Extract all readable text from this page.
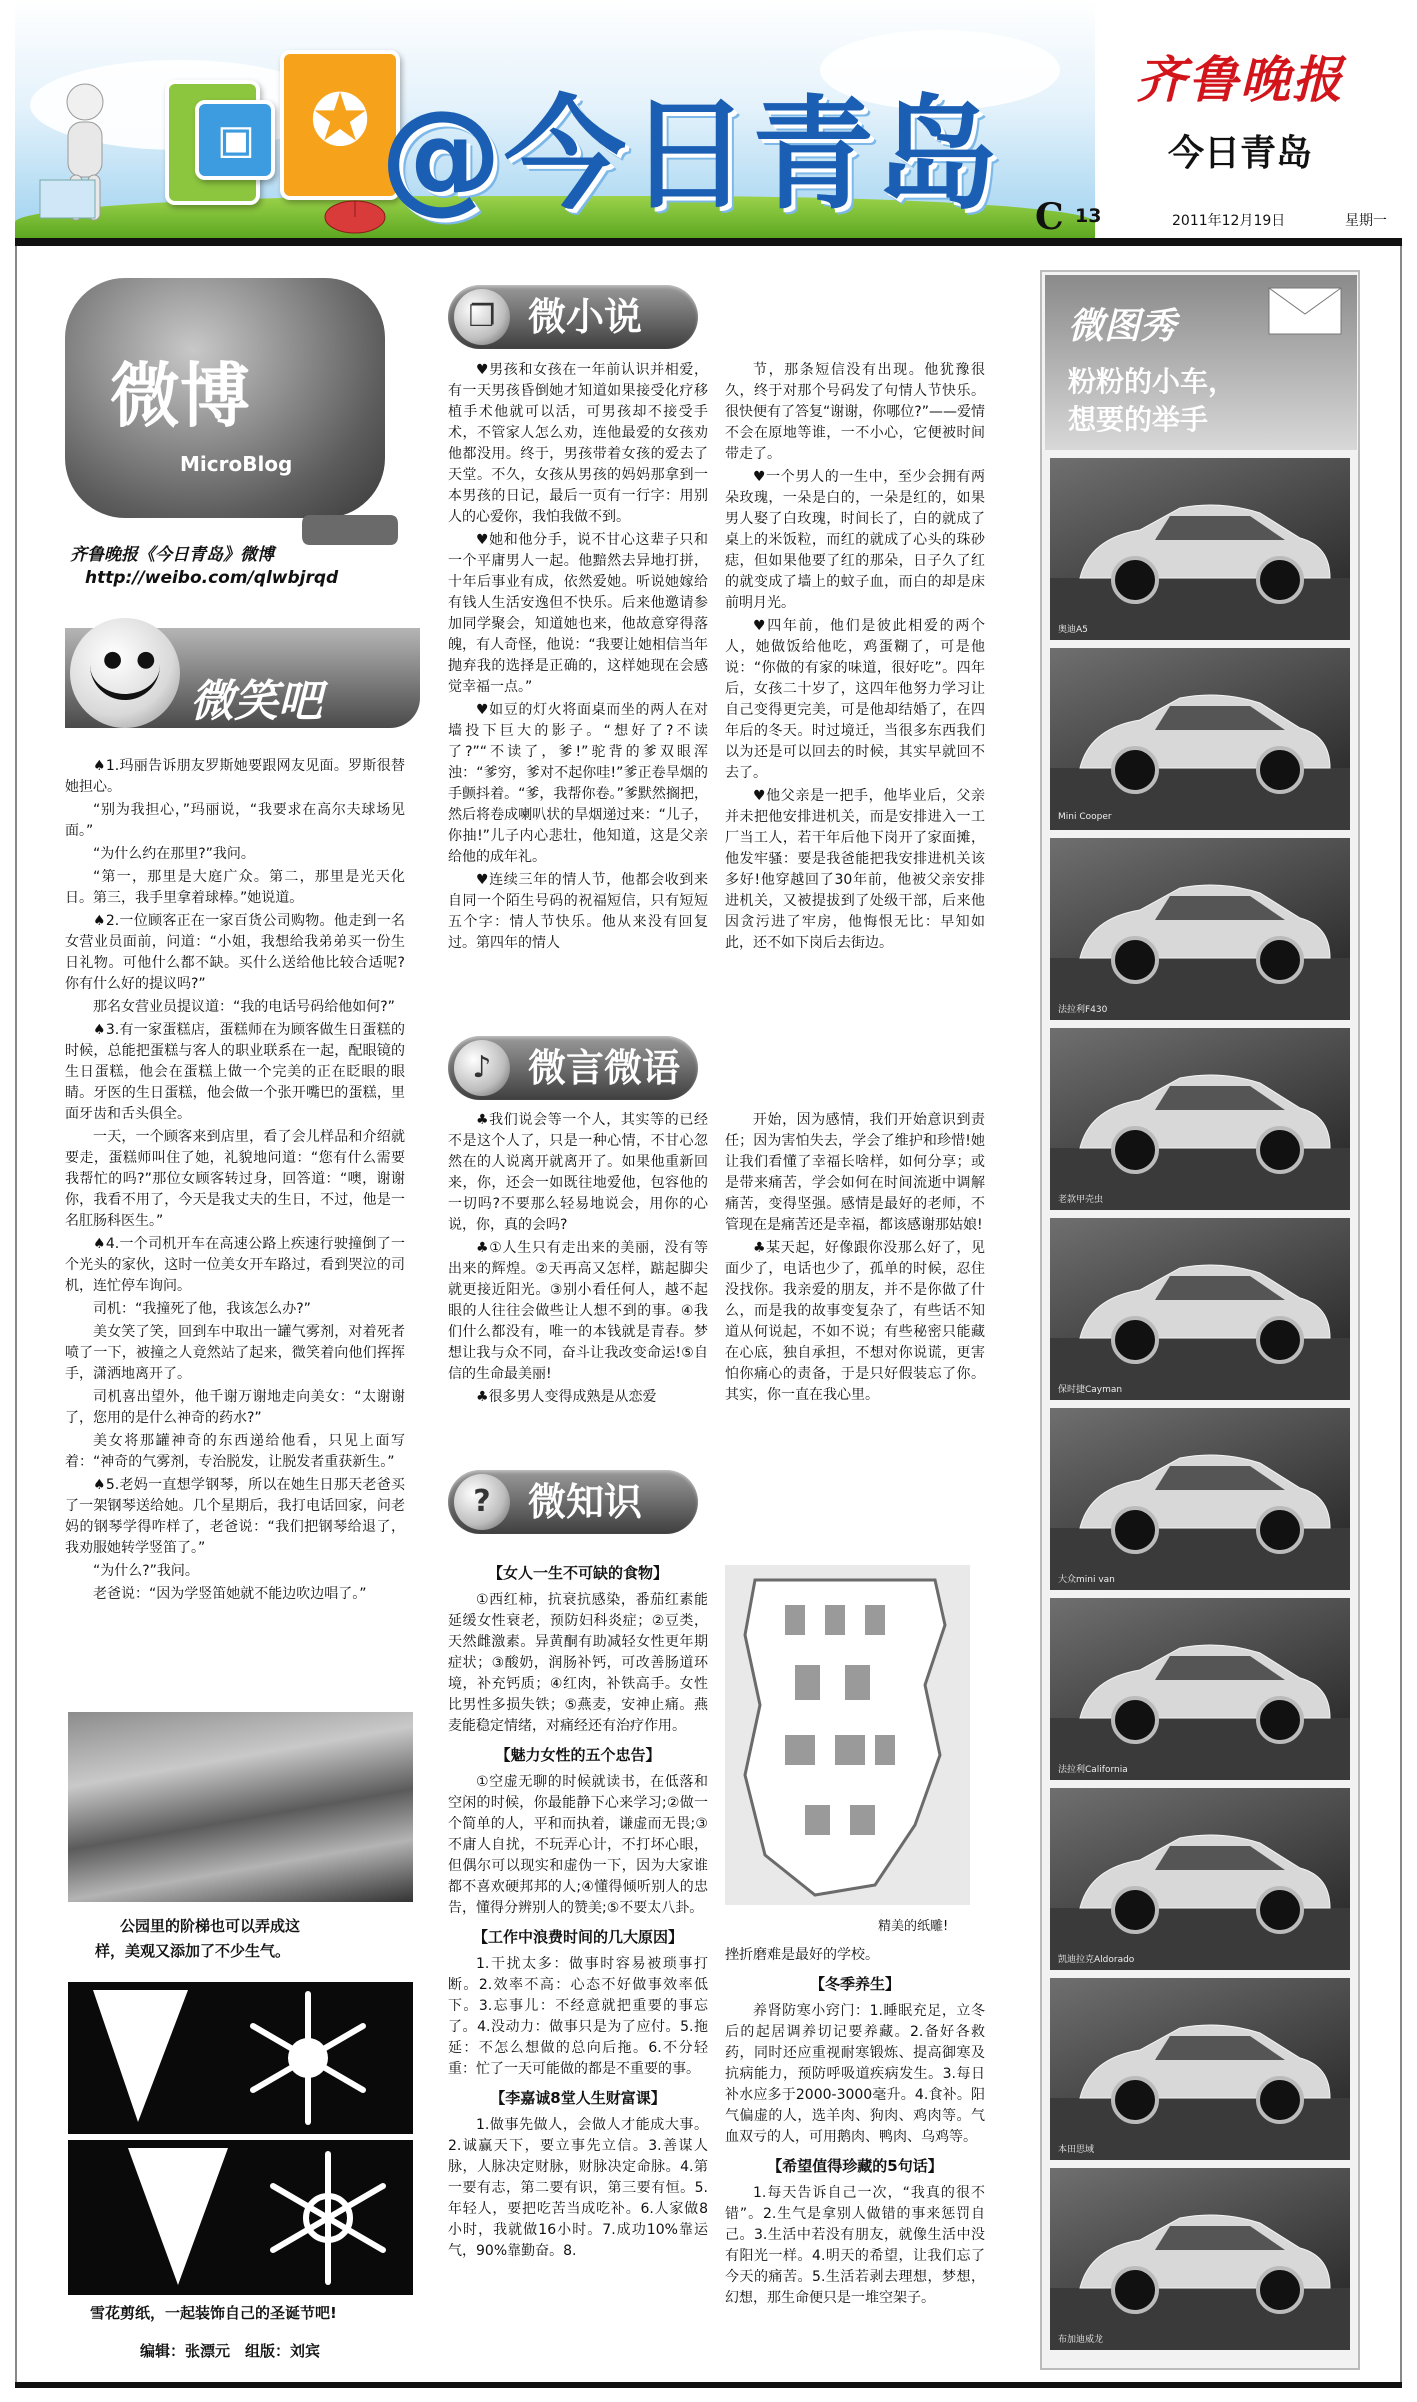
▣ ✪ @今日青岛
齐鲁晚报
今日青岛
C 13	2011年12月19日	星期一
微博
MicroBlog
齐鲁晚报《今日青岛》微博
http://weibo.com/qlwbjrqd
●●
微笑吧

♠1.玛丽告诉朋友罗斯她要跟网友见面。罗斯很替她担心。

“别为我担心，”玛丽说，“我要求在高尔夫球场见面。”

“为什么约在那里?”我问。

“第一，那里是大庭广众。第二，那里是光天化日。第三，我手里拿着球棒。”她说道。

♠2.一位顾客正在一家百货公司购物。他走到一名女营业员面前，问道：“小姐，我想给我弟弟买一份生日礼物。可他什么都不缺。买什么送给他比较合适呢?你有什么好的提议吗?”

那名女营业员提议道：“我的电话号码给他如何?”

♠3.有一家蛋糕店，蛋糕师在为顾客做生日蛋糕的时候，总能把蛋糕与客人的职业联系在一起，配眼镜的生日蛋糕，他会在蛋糕上做一个完美的正在眨眼的眼睛。牙医的生日蛋糕，他会做一个张开嘴巴的蛋糕，里面牙齿和舌头俱全。

一天，一个顾客来到店里，看了会儿样品和介绍就要走，蛋糕师叫住了她，礼貌地问道：“您有什么需要我帮忙的吗?”那位女顾客转过身，回答道：“噢，谢谢你，我看不用了，今天是我丈夫的生日，不过，他是一名肛肠科医生。”

♠4.一个司机开车在高速公路上疾速行驶撞倒了一个光头的家伙，这时一位美女开车路过，看到哭泣的司机，连忙停车询问。

司机：“我撞死了他，我该怎么办?”

美女笑了笑，回到车中取出一罐气雾剂，对着死者喷了一下，被撞之人竟然站了起来，微笑着向他们挥挥手，潇洒地离开了。

司机喜出望外，他千谢万谢地走向美女：“太谢谢了，您用的是什么神奇的药水?”

美女将那罐神奇的东西递给他看，只见上面写着：“神奇的气雾剂，专治脱发，让脱发者重获新生。”

♠5.老妈一直想学钢琴，所以在她生日那天老爸买了一架钢琴送给她。几个星期后，我打电话回家，问老妈的钢琴学得咋样了，老爸说：“我们把钢琴给退了，我劝服她转学竖笛了。”

“为什么?”我问。

老爸说：“因为学竖笛她就不能边吹边唱了。”

公园里的阶梯也可以弄成这
样，美观又添加了不少生气。
雪花剪纸，一起装饰自己的圣诞节吧!
编辑：张漂元　组版：刘宾
❐ 微小说

♥男孩和女孩在一年前认识并相爱，有一天男孩昏倒她才知道如果接受化疗移植手术他就可以活，可男孩却不接受手术，不管家人怎么劝，连他最爱的女孩劝他都没用。终于，男孩带着女孩的爱去了天堂。不久，女孩从男孩的妈妈那拿到一本男孩的日记，最后一页有一行字：用别人的心爱你，我怕我做不到。

♥她和他分手，说不甘心这辈子只和一个平庸男人一起。他黯然去异地打拼，十年后事业有成，依然爱她。听说她嫁给有钱人生活安逸但不快乐。后来他邀请参加同学聚会，知道她也来，他故意穿得落魄，有人奇怪，他说：“我要让她相信当年抛弃我的选择是正确的，这样她现在会感觉幸福一点。”

♥如豆的灯火将面桌而坐的两人在对墙投下巨大的影子。“想好了?不读了?”“不读了，爹!”驼背的爹双眼浑浊：“爹穷，爹对不起你哇!”爹正卷旱烟的手颤抖着。“爹，我帮你卷。”爹默然搁把，然后将卷成喇叭状的旱烟递过来：“儿子，你抽!”儿子内心悲壮，他知道，这是父亲给他的成年礼。

♥连续三年的情人节，他都会收到来自同一个陌生号码的祝福短信，只有短短五个字：情人节快乐。他从来没有回复过。第四年的情人

节，那条短信没有出现。他犹豫很久，终于对那个号码发了句情人节快乐。很快便有了答复“谢谢，你哪位?”——爱情不会在原地等谁，一不小心，它便被时间带走了。

♥一个男人的一生中，至少会拥有两朵玫瑰，一朵是白的，一朵是红的，如果男人娶了白玫瑰，时间长了，白的就成了桌上的米饭粒，而红的就成了心头的珠砂痣，但如果他要了红的那朵，日子久了红的就变成了墙上的蚊子血，而白的却是床前明月光。

♥四年前，他们是彼此相爱的两个人，她做饭给他吃，鸡蛋糊了，可是他说：“你做的有家的味道，很好吃”。四年后，女孩二十岁了，这四年他努力学习让自己变得更完美，可是他却结婚了，在四年后的冬天。时过境迁，当很多东西我们以为还是可以回去的时候，其实早就回不去了。

♥他父亲是一把手，他毕业后，父亲并未把他安排进机关，而是安排进入一工厂当工人，若干年后他下岗开了家面摊，他发牢骚：要是我爸能把我安排进机关该多好!他穿越回了30年前，他被父亲安排进机关，又被提拔到了处级干部，后来他因贪污进了牢房，他悔恨无比：早知如此，还不如下岗后去街边。

♪ 微言微语

♣我们说会等一个人，其实等的已经不是这个人了，只是一种心情，不甘心忽然在的人说离开就离开了。如果他重新回来，你，还会一如既往地爱他，包容他的一切吗?不要那么轻易地说会，用你的心说，你，真的会吗?

♣①人生只有走出来的美丽，没有等出来的辉煌。②天再高又怎样，踮起脚尖就更接近阳光。③别小看任何人，越不起眼的人往往会做些让人想不到的事。④我们什么都没有，唯一的本钱就是青春。梦想让我与众不同，奋斗让我改变命运!⑤自信的生命最美丽!

♣很多男人变得成熟是从恋爱

开始，因为感情，我们开始意识到责任；因为害怕失去，学会了维护和珍惜!她让我们看懂了幸福长啥样，如何分享；或是带来痛苦，学会如何在时间流逝中调解痛苦，变得坚强。感情是最好的老师，不管现在是痛苦还是幸福，都该感谢那姑娘!

♣某天起，好像跟你没那么好了，见面少了，电话也少了，孤单的时候，忍住没找你。我亲爱的朋友，并不是你做了什么，而是我的故事变复杂了，有些话不知道从何说起，不如不说；有些秘密只能藏在心底，独自承担，不想对你说谎，更害怕你痛心的责备，于是只好假装忘了你。其实，你一直在我心里。

? 微知识
【女人一生不可缺的食物】

①西红柿，抗衰抗感染，番茄红素能延缓女性衰老，预防妇科炎症；②豆类，天然雌激素。异黄酮有助减轻女性更年期症状；③酸奶，润肠补钙，可改善肠道环境，补充钙质；④红肉，补铁高手。女性比男性多损失铁；⑤燕麦，安神止痛。燕麦能稳定情绪，对痛经还有治疗作用。

【魅力女性的五个忠告】

①空虚无聊的时候就读书，在低落和空闲的时候，你最能静下心来学习;②做一个简单的人，平和而执着，谦虚而无畏;③不庸人自扰，不玩弄心计，不打坏心眼，但偶尔可以现实和虚伪一下，因为大家谁都不喜欢硬邦邦的人;④懂得倾听别人的忠告，懂得分辨别人的赞美;⑤不要太八卦。

【工作中浪费时间的几大原因】

1.干扰太多：做事时容易被琐事打断。2.效率不高：心态不好做事效率低下。3.忘事儿：不经意就把重要的事忘了。4.没动力：做事只是为了应付。5.拖延：不怎么想做的总向后拖。6.不分轻重：忙了一天可能做的都是不重要的事。

【李嘉诚8堂人生财富课】

1.做事先做人，会做人才能成大事。2.诚赢天下，要立事先立信。3.善谋人脉，人脉决定财脉，财脉决定命脉。4.第一要有志，第二要有识，第三要有恒。5.年轻人，要把吃苦当成吃补。6.人家做8小时，我就做16小时。7.成功10%靠运气，90%靠勤奋。8.

精美的纸雕!

挫折磨难是最好的学校。

【冬季养生】

养肾防寒小窍门：1.睡眠充足，立冬后的起居调养切记要养藏。2.备好各救药，同时还应重视耐寒锻炼、提高御寒及抗病能力，预防呼吸道疾病发生。3.每日补水应多于2000-3000毫升。4.食补。阳气偏虚的人，选羊肉、狗肉、鸡肉等。气血双亏的人，可用鹅肉、鸭肉、乌鸡等。

【希望值得珍藏的5句话】

1.每天告诉自己一次，“我真的很不错”。2.生气是拿别人做错的事来惩罚自己。3.生活中若没有朋友，就像生活中没有阳光一样。4.明天的希望，让我们忘了今天的痛苦。5.生活若剥去理想，梦想，幻想，那生命便只是一堆空架子。

微图秀
粉粉的小车，
想要的举手
奥迪A5
Mini Cooper
法拉利F430
老款甲壳虫
保时捷Cayman
大众mini van
法拉利California
凯迪拉克Aldorado
本田思域
布加迪威龙
